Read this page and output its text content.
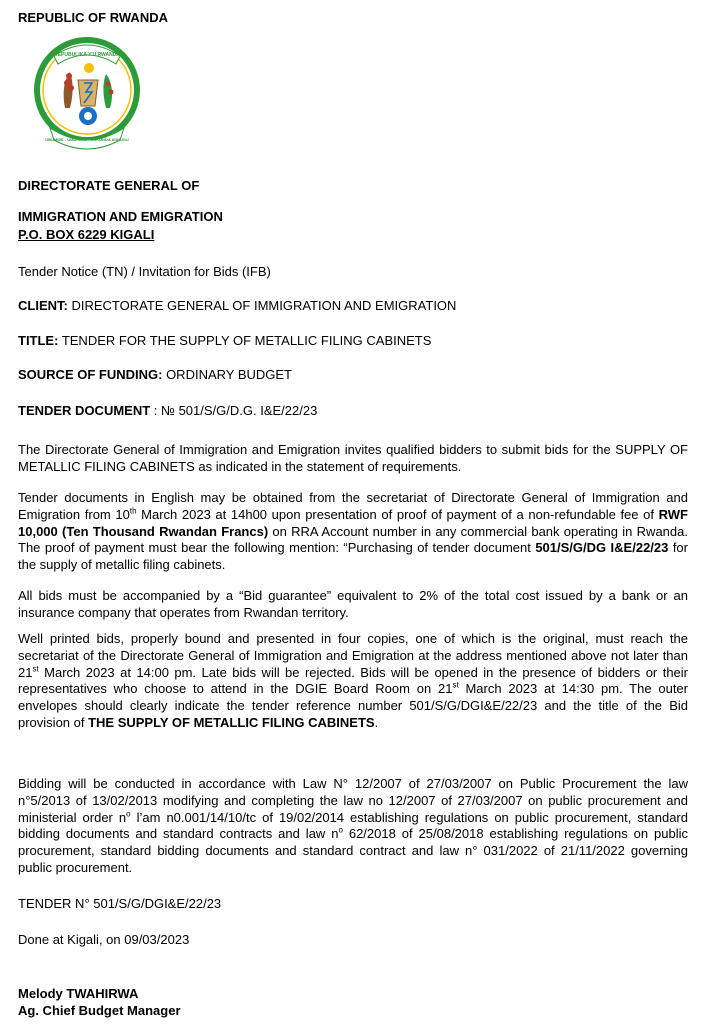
REPUBLIC OF RWANDA
REPUBULIKA Y'U RWANDA
UBUMWE - UMURIMO - GUKUNDA IGIHUGU
DIRECTORATE GENERAL OF
IMMIGRATION AND EMIGRATION
P.O. BOX 6229 KIGALI
Tender Notice (TN) / Invitation for Bids (IFB)
CLIENT: DIRECTORATE GENERAL OF IMMIGRATION AND EMIGRATION
TITLE: TENDER FOR THE SUPPLY OF METALLIC FILING CABINETS
SOURCE OF FUNDING: ORDINARY BUDGET
TENDER DOCUMENT : № 501/S/G/D.G. I&E/22/23

The Directorate General of Immigration and Emigration invites qualified bidders to submit bids for the SUPPLY OF METALLIC FILING CABINETS as indicated in the statement of requirements.

Tender documents in English may be obtained from the secretariat of Directorate General of Immigration and Emigration from 10th March 2023 at 14h00 upon presentation of proof of payment of a non-refundable fee of RWF 10,000 (Ten Thousand Rwandan Francs) on RRA Account number in any commercial bank operating in Rwanda. The proof of payment must bear the following mention: “Purchasing of tender document 501/S/G/DG I&E/22/23 for the supply of metallic filing cabinets.

All bids must be accompanied by a “Bid guarantee” equivalent to 2% of the total cost issued by a bank or an insurance company that operates from Rwandan territory.

Well printed bids, properly bound and presented in four copies, one of which is the original, must reach the secretariat of the Directorate General of Immigration and Emigration at the address mentioned above not later than 21st March 2023 at 14:00 pm. Late bids will be rejected. Bids will be opened in the presence of bidders or their representatives who choose to attend in the DGIE Board Room on 21st March 2023 at 14:30 pm. The outer envelopes should clearly indicate the tender reference number 501/S/G/DGI&E/22/23 and the title of the Bid provision of THE SUPPLY OF METALLIC FILING CABINETS.

Bidding will be conducted in accordance with Law N° 12/2007 of 27/03/2007 on Public Procurement the law n°5/2013 of 13/02/2013 modifying and completing the law no 12/2007 of 27/03/2007 on public procurement and ministerial order $n^o$ l’am n0.001/14/10/tc of 19/02/2014 establishing regulations on public procurement, standard bidding documents and standard contracts and law $n^o$ 62/2018 of 25/08/2018 establishing regulations on public procurement, standard bidding documents and standard contract and law n° 031/2022 of 21/11/2022 governing public procurement.

TENDER N° 501/S/G/DGI&E/22/23
Done at Kigali, on 09/03/2023
Melody TWAHIRWA
Ag. Chief Budget Manager
